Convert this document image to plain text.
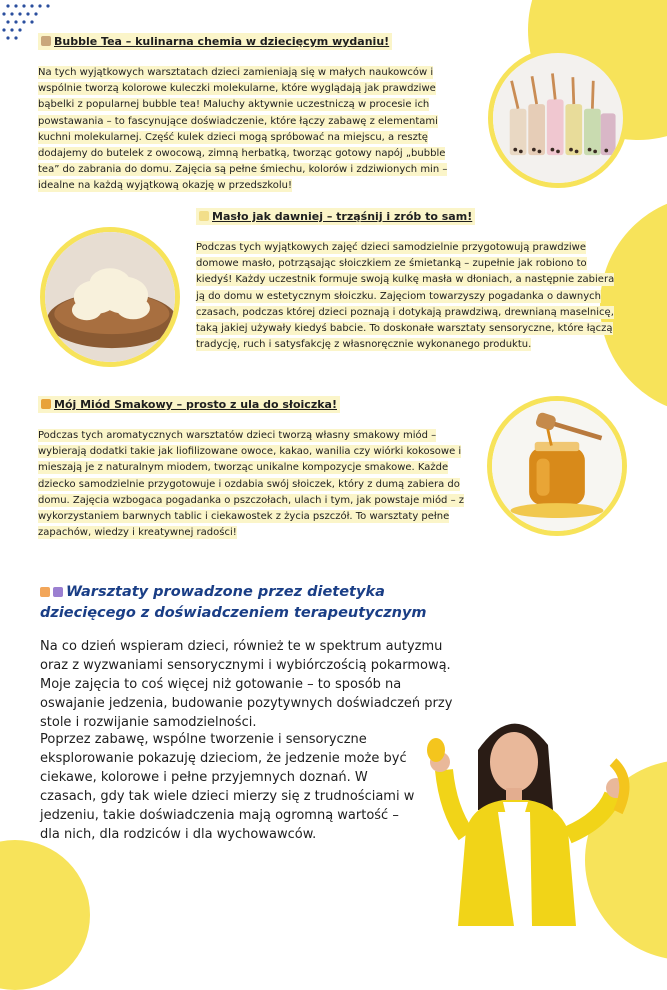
Bubble Tea – kulinarna chemia w dziecięcym wydaniu!
Na tych wyjątkowych warsztatach dzieci zamieniają się w małych naukowców i wspólnie tworzą kolorowe kuleczki molekularne, które wyglądają jak prawdziwe bąbelki z popularnej bubble tea! Maluchy aktywnie uczestniczą w procesie ich powstawania – to fascynujące doświadczenie, które łączy zabawę z elementami kuchni molekularnej. Część kulek dzieci mogą spróbować na miejscu, a resztę dodajemy do butelek z owocową, zimną herbatką, tworząc gotowy napój „bubble tea” do zabrania do domu. Zajęcia są pełne śmiechu, kolorów i zdziwionych min – idealne na każdą wyjątkową okazję w przedszkolu!
Masło jak dawniej – trząśnij i zrób to sam!
Podczas tych wyjątkowych zajęć dzieci samodzielnie przygotowują prawdziwe domowe masło, potrząsając słoiczkiem ze śmietanką – zupełnie jak robiono to kiedyś! Każdy uczestnik formuje swoją kulkę masła w dłoniach, a następnie zabiera ją do domu w estetycznym słoiczku. Zajęciom towarzyszy pogadanka o dawnych czasach, podczas której dzieci poznają i dotykają prawdziwą, drewnianą maselnicę, taką jakiej używały kiedyś babcie. To doskonałe warsztaty sensoryczne, które łączą tradycję, ruch i satysfakcję z własnoręcznie wykonanego produktu.
Mój Miód Smakowy – prosto z ula do słoiczka!
Podczas tych aromatycznych warsztatów dzieci tworzą własny smakowy miód – wybierają dodatki takie jak liofilizowane owoce, kakao, wanilia czy wiórki kokosowe i mieszają je z naturalnym miodem, tworząc unikalne kompozycje smakowe. Każde dziecko samodzielnie przygotowuje i ozdabia swój słoiczek, który z dumą zabiera do domu. Zajęcia wzbogaca pogadanka o pszczołach, ulach i tym, jak powstaje miód – z wykorzystaniem barwnych tablic i ciekawostek z życia pszczół. To warsztaty pełne zapachów, wiedzy i kreatywnej radości!
Warsztaty prowadzone przez dietetyka dziecięcego z doświadczeniem terapeutycznym
Na co dzień wspieram dzieci, również te w spektrum autyzmu oraz z wyzwaniami sensorycznymi i wybiórczością pokarmową. Moje zajęcia to coś więcej niż gotowanie – to sposób na oswajanie jedzenia, budowanie pozytywnych doświadczeń przy stole i rozwijanie samodzielności.
Poprzez zabawę, wspólne tworzenie i sensoryczne eksplorowanie pokazuję dzieciom, że jedzenie może być ciekawe, kolorowe i pełne przyjemnych doznań. W czasach, gdy tak wiele dzieci mierzy się z trudnościami w jedzeniu, takie doświadczenia mają ogromną wartość – dla nich, dla rodziców i dla wychowawców.
